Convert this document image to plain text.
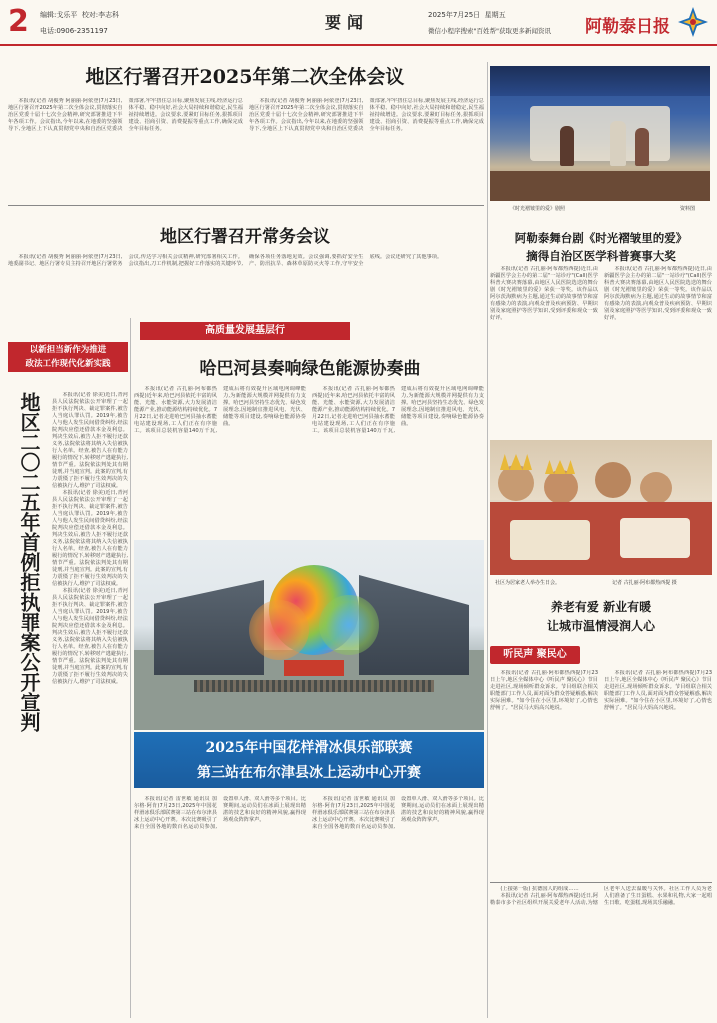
2 编辑:戈乐平 校对:李志科
电话:0906-2351197	要闻	2025年7月25日 星期五
微信小程序搜索"百姓帮"获取更多新闻资讯 阿勒泰日报
地区行署召开2025年第二次全体会议

本报讯(记者 胡俊秀 阿丽丽·阿依登)7月23日,地区行署召开2025年第二次全体会议,贯彻落实自治区党委十届十七次全会精神,研究部署推进下半年各项工作。会议指出,今年以来,在地委的坚强领导下,全地区上下认真贯彻党中央和自治区党委决策部署,牢牢扭住总目标,聚焦发展主线,经济运行总体平稳、稳中向好,社会大局持续和谐稳定,民生福祉持续增进。会议要求,要紧盯目标任务,狠抓项目建设、招商引资、消费提振等重点工作,确保完成全年目标任务。

本报讯(记者 胡俊秀 阿丽丽·阿依登)7月23日,地区行署召开2025年第二次全体会议,贯彻落实自治区党委十届十七次全会精神,研究部署推进下半年各项工作。会议指出,今年以来,在地委的坚强领导下,全地区上下认真贯彻党中央和自治区党委决策部署,牢牢扭住总目标,聚焦发展主线,经济运行总体平稳、稳中向好,社会大局持续和谐稳定,民生福祉持续增进。会议要求,要紧盯目标任务,狠抓项目建设、招商引资、消费提振等重点工作,确保完成全年目标任务。

《时光褶皱里的爱》剧照	资料图
地区行署召开常务会议

本报讯(记者 胡俊秀 阿丽丽·阿依登)7月23日,地委副书记、地区行署专员主持召开地区行署常务会议,传达学习相关会议精神,研究部署相关工作。会议指出,刀工作机制,把握好工作落实的关键环节,确保各项任务落地见效。会议强调,要抓好安全生产、防汛抗旱、森林草原防灭火等工作,守牢安全底线。会议还研究了其他事项。

阿勒泰舞台剧《时光褶皱里的爱》
摘得自治区医学科普赛事大奖

本报讯(记者 古扎丽·阿布都热西提)近日,由新疆医学会主办的第二届"一站诊疗"(Call)医学科普大赛决赛落幕,由地区人民医院选送的舞台剧《时光褶皱里的爱》荣获一等奖。该作品以阿尔茨海默病为主题,通过生动的故事情节和富有感染力的表演,向观众普及疾病预防、早期识别及家庭照护等医学知识,受到评委和观众一致好评。

本报讯(记者 古扎丽·阿布都热西提)近日,由新疆医学会主办的第二届"一站诊疗"(Call)医学科普大赛决赛落幕,由地区人民医院选送的舞台剧《时光褶皱里的爱》荣获一等奖。该作品以阿尔茨海默病为主题,通过生动的故事情节和富有感染力的表演,向观众普及疾病预防、早期识别及家庭照护等医学知识,受到评委和观众一致好评。

社区为居家老人举办生日会。	记者 古扎丽·阿布都热西提 摄
养老有爱 新业有暖
让城市温情浸润人心
听民声 聚民心

本报讯(记者 古扎丽·阿布都热西提)7月23日上午,地区全媒体中心《听民声 聚民心》节目走进社区,现场倾听群众诉求。节目组联合相关职能部门工作人员,面对面为群众答疑解惑,解决实际困难。"如今住在小区里,环境好了,心情也舒畅了。"居民马大妈高兴地说。

本报讯(记者 古扎丽·阿布都热西提)7月23日上午,地区全媒体中心《听民声 聚民心》节目走进社区,现场倾听群众诉求。节目组联合相关职能部门工作人员,面对面为群众答疑解惑,解决实际困难。"如今住在小区里,环境好了,心情也舒畅了。"居民马大妈高兴地说。

高质量发展基层行
哈巴河县奏响绿色能源协奏曲

本报讯(记者 古扎丽·阿布都热西提)近年来,哈巴河县依托丰富的风能、光能、水能资源,大力发展清洁能源产业,推动能源结构持续优化。7月22日,记者走进哈巴河县抽水蓄能电站建设现场,工人们正在有序施工。该项目总装机容量140万千瓦,建成后将有效提升区域电网调峰能力,为新能源大规模并网提供有力支撑。哈巴河县坚持生态优先、绿色发展理念,因地制宜推进风电、光伏、储能等项目建设,奏响绿色能源协奏曲。

本报讯(记者 古扎丽·阿布都热西提)近年来,哈巴河县依托丰富的风能、光能、水能资源,大力发展清洁能源产业,推动能源结构持续优化。7月22日,记者走进哈巴河县抽水蓄能电站建设现场,工人们正在有序施工。该项目总装机容量140万千瓦,建成后将有效提升区域电网调峰能力,为新能源大规模并网提供有力支撑。哈巴河县坚持生态优先、绿色发展理念,因地制宜推进风电、光伏、储能等项目建设,奏响绿色能源协奏曲。

2025年中国花样滑冰俱乐部联赛
第三站在布尔津县冰上运动中心开赛

本报讯(记者 雷世敏 通讯员 加尔格·阿肯)7月23日,2025年中国花样滑冰俱乐部联赛第三站在布尔津县冰上运动中心开赛。本次比赛吸引了来自全国各地的数百名运动员参加,设置单人滑、双人滑等多个项目。比赛期间,运动员们在冰面上展现出精湛的技艺和良好的精神风貌,赢得现场观众阵阵掌声。

本报讯(记者 雷世敏 通讯员 加尔格·阿肯)7月23日,2025年中国花样滑冰俱乐部联赛第三站在布尔津县冰上运动中心开赛。本次比赛吸引了来自全国各地的数百名运动员参加,设置单人滑、双人滑等多个项目。比赛期间,运动员们在冰面上展现出精湛的技艺和良好的精神风貌,赢得现场观众阵阵掌声。

以新担当新作为推进
政法工作现代化新实践
地区二〇二五年首例拒执罪案公开宣判	本报讯(记者 徐美)近日,青河县人民法院依法公开审理了一起拒不执行判决、裁定罪案件,被告人当庭认罪认罚。2019年,被告人与他人发生民间借贷纠纷,经法院判决应偿还借款本金及利息。判决生效后,被告人拒不履行还款义务,法院依法将其纳入失信被执行人名单。经查,被告人在有能力履行的情况下,转移财产逃避执行,情节严重。法院依法判处其有期徒刑,并当庭宣判。此案的宣判,有力震慑了拒不履行生效判决的失信被执行人,维护了司法权威。

本报讯(记者 徐美)近日,青河县人民法院依法公开审理了一起拒不执行判决、裁定罪案件,被告人当庭认罪认罚。2019年,被告人与他人发生民间借贷纠纷,经法院判决应偿还借款本金及利息。判决生效后,被告人拒不履行还款义务,法院依法将其纳入失信被执行人名单。经查,被告人在有能力履行的情况下,转移财产逃避执行,情节严重。法院依法判处其有期徒刑,并当庭宣判。此案的宣判,有力震慑了拒不履行生效判决的失信被执行人,维护了司法权威。

本报讯(记者 徐美)近日,青河县人民法院依法公开审理了一起拒不执行判决、裁定罪案件,被告人当庭认罪认罚。2019年,被告人与他人发生民间借贷纠纷,经法院判决应偿还借款本金及利息。判决生效后,被告人拒不履行还款义务,法院依法将其纳入失信被执行人名单。经查,被告人在有能力履行的情况下,转移财产逃避执行,情节严重。法院依法判处其有期徒刑,并当庭宣判。此案的宣判,有力震慑了拒不履行生效判决的失信被执行人,维护了司法权威。

(上接第一版) 抗德国人的组成……

本报讯(记者 古扎丽·阿布都热西提)近日,阿勒泰市多个社区组织开展关爱老年人活动,为辖区老年人送去温暖与关怀。社区工作人员为老人们准备了生日蛋糕、水果和礼物,大家一起唱生日歌、吃蛋糕,现场其乐融融。
